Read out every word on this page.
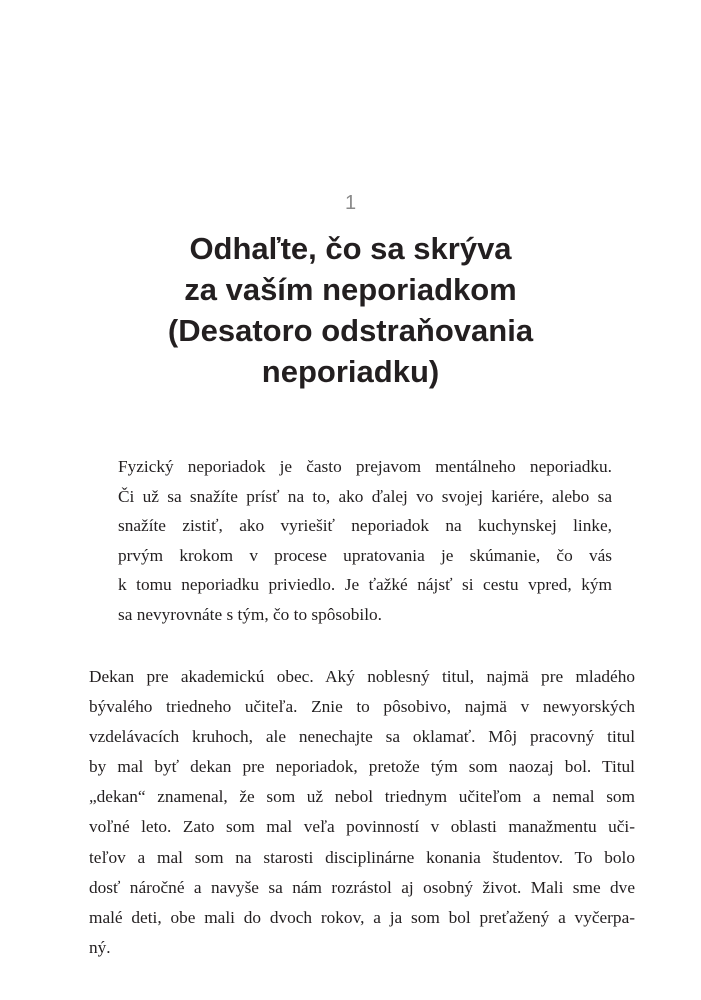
1
Odhaľte, čo sa skrýva
za vaším neporiadkom
(Desatoro odstraňovania
neporiadku)
Fyzický neporiadok je často prejavom mentálneho neporiadku.
Či už sa snažíte prísť na to, ako ďalej vo svojej kariére, alebo sa
snažíte zistiť, ako vyriešiť neporiadok na kuchynskej linke,
prvým krokom v procese upratovania je skúmanie, čo vás
k tomu neporiadku priviedlo. Je ťažké nájsť si cestu vpred, kým
sa nevyrovnáte s tým, čo to spôsobilo.
Dekan pre akademickú obec. Aký noblesný titul, najmä pre mladého
bývalého triedneho učiteľa. Znie to pôsobivo, najmä v newyorských
vzdelávacích kruhoch, ale nenechajte sa oklamať. Môj pracovný titul
by mal byť dekan pre neporiadok, pretože tým som naozaj bol. Titul
„dekan“ znamenal, že som už nebol triednym učiteľom a nemal som
voľné leto. Zato som mal veľa povinností v oblasti manažmentu uči-
teľov a mal som na starosti disciplinárne konania študentov. To bolo
dosť náročné a navyše sa nám rozrástol aj osobný život. Mali sme dve
malé deti, obe mali do dvoch rokov, a ja som bol preťažený a vyčerpa-
ný.
